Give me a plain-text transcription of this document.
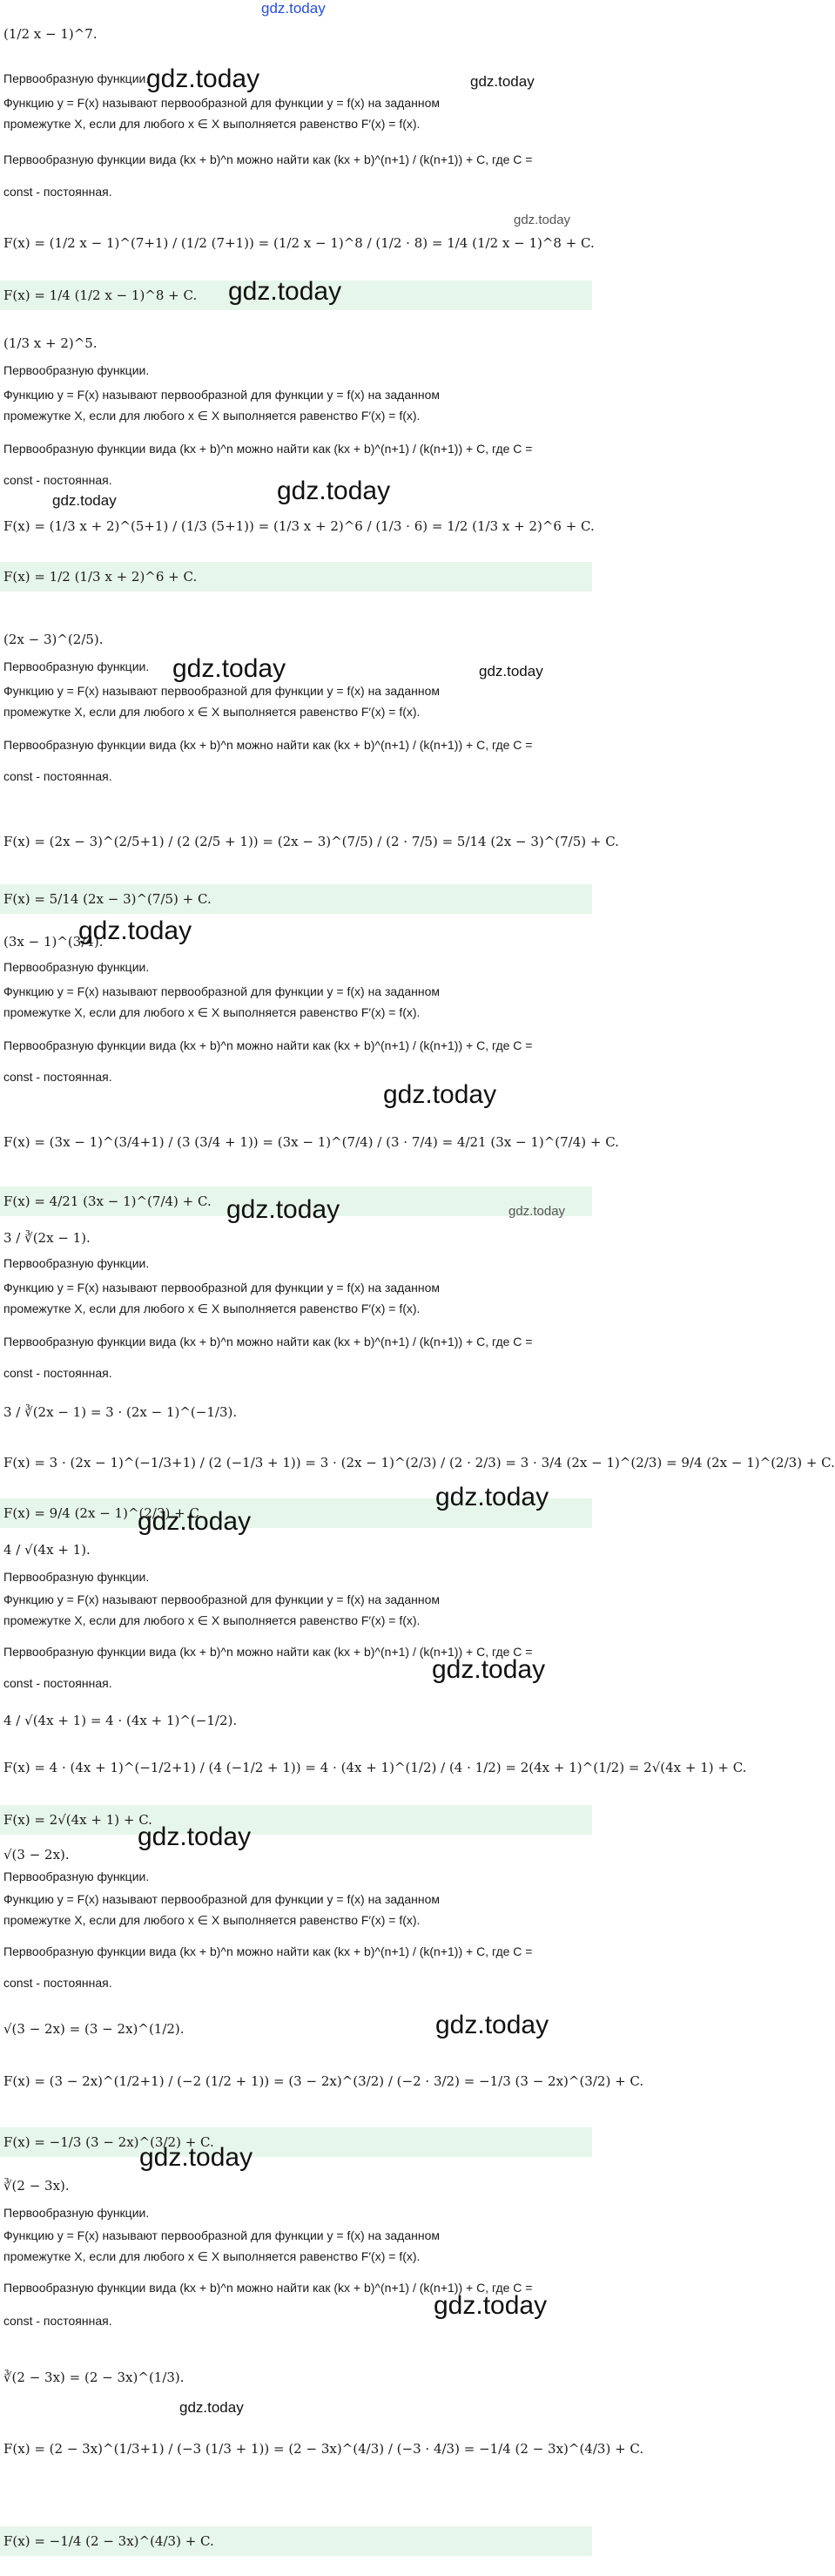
gdz.today
(1/2 x − 1)^7.
Первообразную функции.
Функцию y = F(x) называют первообразной для функции y = f(x) на заданном
промежутке X, если для любого x ∈ X выполняется равенство F′(x) = f(x).
Первообразную функции вида (kx + b)^n можно найти как (kx + b)^(n+1) / (k(n+1)) + C, где C =
const - постоянная.
F(x) = (1/2 x − 1)^(7+1) / (1/2 (7+1)) = (1/2 x − 1)^8 / (1/2 · 8) = 1/4 (1/2 x − 1)^8 + C.
F(x) = 1/4 (1/2 x − 1)^8 + C.
gdz.today	gdz.today
gdz.today
gdz.today
(1/3 x + 2)^5.
Первообразную функции.
Функцию y = F(x) называют первообразной для функции y = f(x) на заданном
промежутке X, если для любого x ∈ X выполняется равенство F′(x) = f(x).
Первообразную функции вида (kx + b)^n можно найти как (kx + b)^(n+1) / (k(n+1)) + C, где C =
const - постоянная.
F(x) = (1/3 x + 2)^(5+1) / (1/3 (5+1)) = (1/3 x + 2)^6 / (1/3 · 6) = 1/2 (1/3 x + 2)^6 + C.
F(x) = 1/2 (1/3 x + 2)^6 + C.
gdz.today
gdz.today
(2x − 3)^(2/5).
Первообразную функции.
Функцию y = F(x) называют первообразной для функции y = f(x) на заданном
промежутке X, если для любого x ∈ X выполняется равенство F′(x) = f(x).
Первообразную функции вида (kx + b)^n можно найти как (kx + b)^(n+1) / (k(n+1)) + C, где C =
const - постоянная.
F(x) = (2x − 3)^(2/5+1) / (2 (2/5 + 1)) = (2x − 3)^(7/5) / (2 · 7/5) = 5/14 (2x − 3)^(7/5) + C.
F(x) = 5/14 (2x − 3)^(7/5) + C.
gdz.today	gdz.today
(3x − 1)^(3/4).
Первообразную функции.
Функцию y = F(x) называют первообразной для функции y = f(x) на заданном
промежутке X, если для любого x ∈ X выполняется равенство F′(x) = f(x).
Первообразную функции вида (kx + b)^n можно найти как (kx + b)^(n+1) / (k(n+1)) + C, где C =
const - постоянная.
F(x) = (3x − 1)^(3/4+1) / (3 (3/4 + 1)) = (3x − 1)^(7/4) / (3 · 7/4) = 4/21 (3x − 1)^(7/4) + C.
F(x) = 4/21 (3x − 1)^(7/4) + C.
gdz.today
gdz.today
3 / ∛(2x − 1).
Первообразную функции.
Функцию y = F(x) называют первообразной для функции y = f(x) на заданном
промежутке X, если для любого x ∈ X выполняется равенство F′(x) = f(x).
Первообразную функции вида (kx + b)^n можно найти как (kx + b)^(n+1) / (k(n+1)) + C, где C =
const - постоянная.
3 / ∛(2x − 1) = 3 · (2x − 1)^(−1/3).
F(x) = 3 · (2x − 1)^(−1/3+1) / (2 (−1/3 + 1)) = 3 · (2x − 1)^(2/3) / (2 · 2/3) = 3 · 3/4 (2x − 1)^(2/3) = 9/4 (2x − 1)^(2/3) + C.
F(x) = 9/4 (2x − 1)^(2/3) + C.
gdz.today	gdz.today
gdz.today
4 / √(4x + 1).
Первообразную функции.
Функцию y = F(x) называют первообразной для функции y = f(x) на заданном
промежутке X, если для любого x ∈ X выполняется равенство F′(x) = f(x).
Первообразную функции вида (kx + b)^n можно найти как (kx + b)^(n+1) / (k(n+1)) + C, где C =
const - постоянная.
4 / √(4x + 1) = 4 · (4x + 1)^(−1/2).
F(x) = 4 · (4x + 1)^(−1/2+1) / (4 (−1/2 + 1)) = 4 · (4x + 1)^(1/2) / (4 · 1/2) = 2(4x + 1)^(1/2) = 2√(4x + 1) + C.
F(x) = 2√(4x + 1) + C.
gdz.today
gdz.today
√(3 − 2x).
Первообразную функции.
Функцию y = F(x) называют первообразной для функции y = f(x) на заданном
промежутке X, если для любого x ∈ X выполняется равенство F′(x) = f(x).
Первообразную функции вида (kx + b)^n можно найти как (kx + b)^(n+1) / (k(n+1)) + C, где C =
const - постоянная.
√(3 − 2x) = (3 − 2x)^(1/2).
F(x) = (3 − 2x)^(1/2+1) / (−2 (1/2 + 1)) = (3 − 2x)^(3/2) / (−2 · 3/2) = −1/3 (3 − 2x)^(3/2) + C.
F(x) = −1/3 (3 − 2x)^(3/2) + C.
gdz.today
gdz.today
∛(2 − 3x).
Первообразную функции.
Функцию y = F(x) называют первообразной для функции y = f(x) на заданном
промежутке X, если для любого x ∈ X выполняется равенство F′(x) = f(x).
Первообразную функции вида (kx + b)^n можно найти как (kx + b)^(n+1) / (k(n+1)) + C, где C =
const - постоянная.
∛(2 − 3x) = (2 − 3x)^(1/3).
F(x) = (2 − 3x)^(1/3+1) / (−3 (1/3 + 1)) = (2 − 3x)^(4/3) / (−3 · 4/3) = −1/4 (2 − 3x)^(4/3) + C.
F(x) = −1/4 (2 − 3x)^(4/3) + C.
gdz.today
gdz.today
gdz.today
